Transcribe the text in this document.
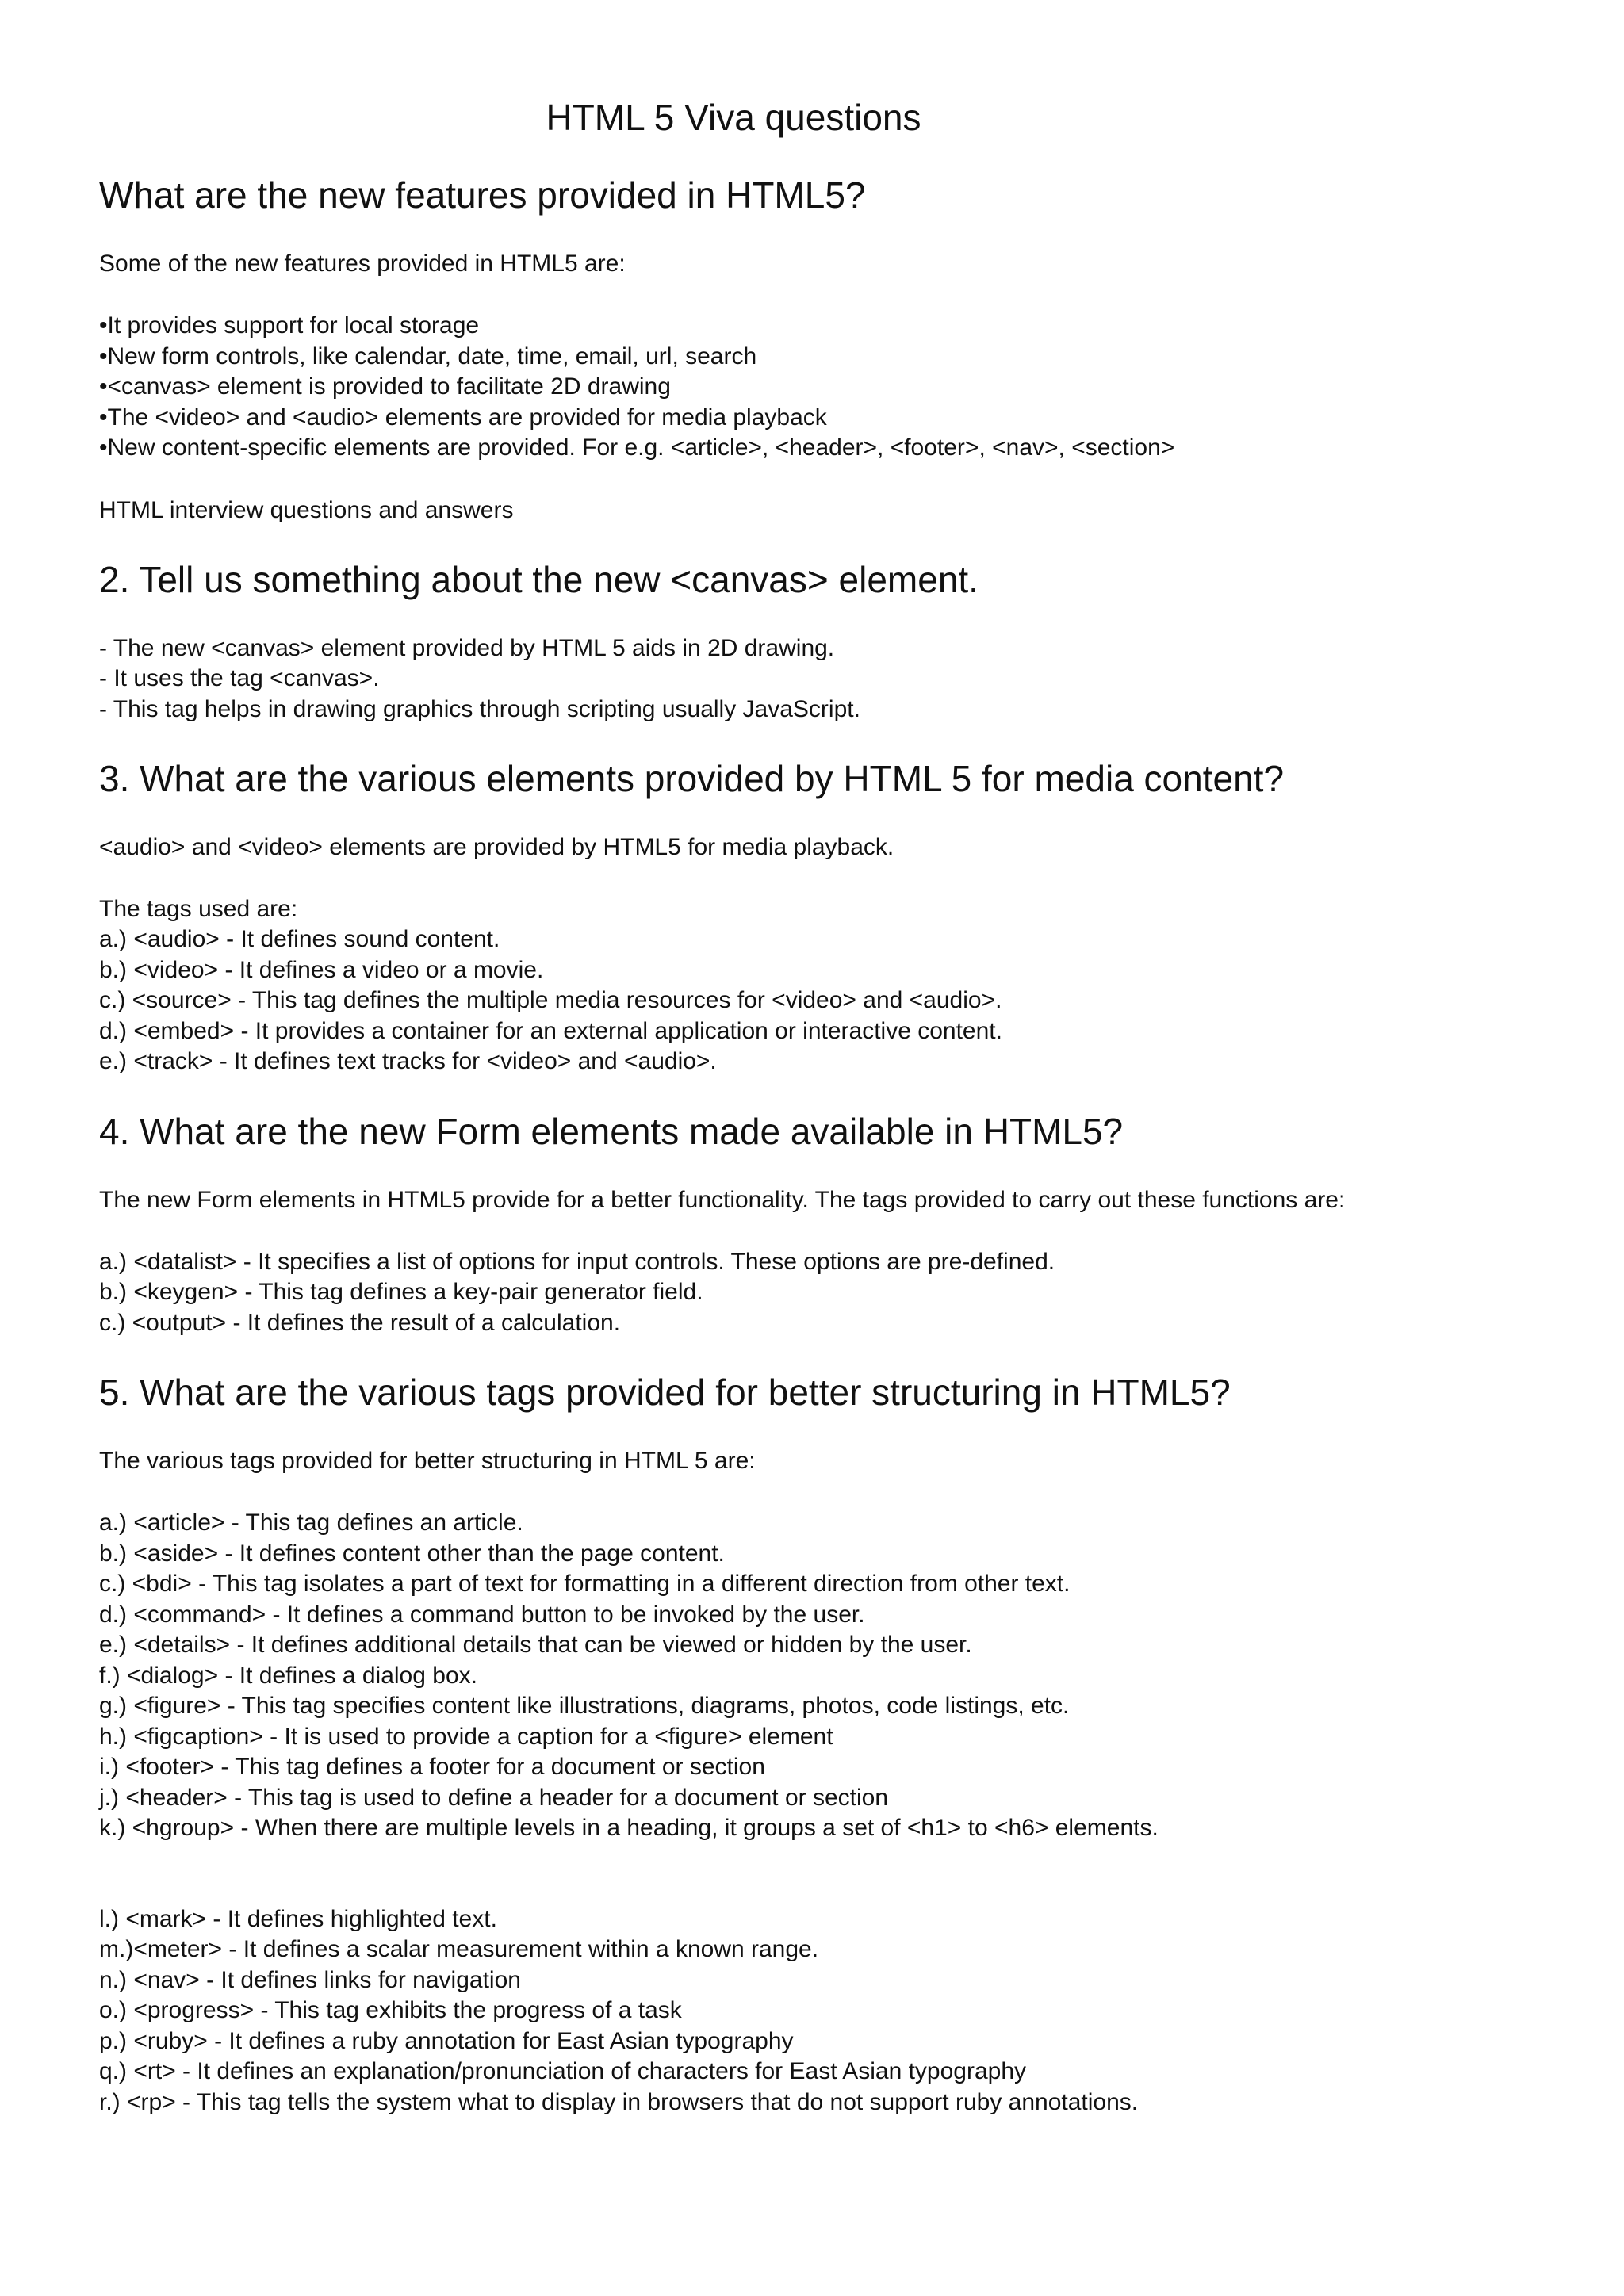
HTML 5 Viva questions
What are the new features provided in HTML5?

Some of the new features provided in HTML5 are:

•It provides support for local storage
•New form controls, like calendar, date, time, email, url, search
•<canvas> element is provided to facilitate 2D drawing
•The <video> and <audio> elements are provided for media playback
•New content-specific elements are provided. For e.g. <article>, <header>, <footer>, <nav>, <section>

HTML interview questions and answers

2. Tell us something about the new <canvas> element.
- The new <canvas> element provided by HTML 5 aids in 2D drawing.
- It uses the tag <canvas>.
- This tag helps in drawing graphics through scripting usually JavaScript.
3. What are the various elements provided by HTML 5 for media content?

<audio> and <video> elements are provided by HTML5 for media playback.

The tags used are:

a.) <audio> - It defines sound content.
b.) <video> - It defines a video or a movie.
c.) <source> - This tag defines the multiple media resources for <video> and <audio>.
d.) <embed> - It provides a container for an external application or interactive content.
e.) <track> - It defines text tracks for <video> and <audio>.
4. What are the new Form elements made available in HTML5?

The new Form elements in HTML5 provide for a better functionality. The tags provided to carry out these functions are:

a.) <datalist> - It specifies a list of options for input controls. These options are pre-defined.
b.) <keygen> - This tag defines a key-pair generator field.
c.) <output> - It defines the result of a calculation.
5. What are the various tags provided for better structuring in HTML5?

The various tags provided for better structuring in HTML 5 are:

a.) <article> - This tag defines an article.
b.) <aside> - It defines content other than the page content.
c.) <bdi> - This tag isolates a part of text for formatting in a different direction from other text.
d.) <command> - It defines a command button to be invoked by the user.
e.) <details> - It defines additional details that can be viewed or hidden by the user.
f.) <dialog> - It defines a dialog box.
g.) <figure> - This tag specifies content like illustrations, diagrams, photos, code listings, etc.
h.) <figcaption> - It is used to provide a caption for a <figure> element
i.) <footer> - This tag defines a footer for a document or section
j.) <header> - This tag is used to define a header for a document or section
k.) <hgroup> - When there are multiple levels in a heading, it groups a set of <h1> to <h6> elements.
l.) <mark> - It defines highlighted text.
m.)<meter> - It defines a scalar measurement within a known range.
n.) <nav> - It defines links for navigation
o.) <progress> - This tag exhibits the progress of a task
p.) <ruby> - It defines a ruby annotation for East Asian typography
q.) <rt> - It defines an explanation/pronunciation of characters for East Asian typography
r.) <rp> - This tag tells the system what to display in browsers that do not support ruby annotations.
